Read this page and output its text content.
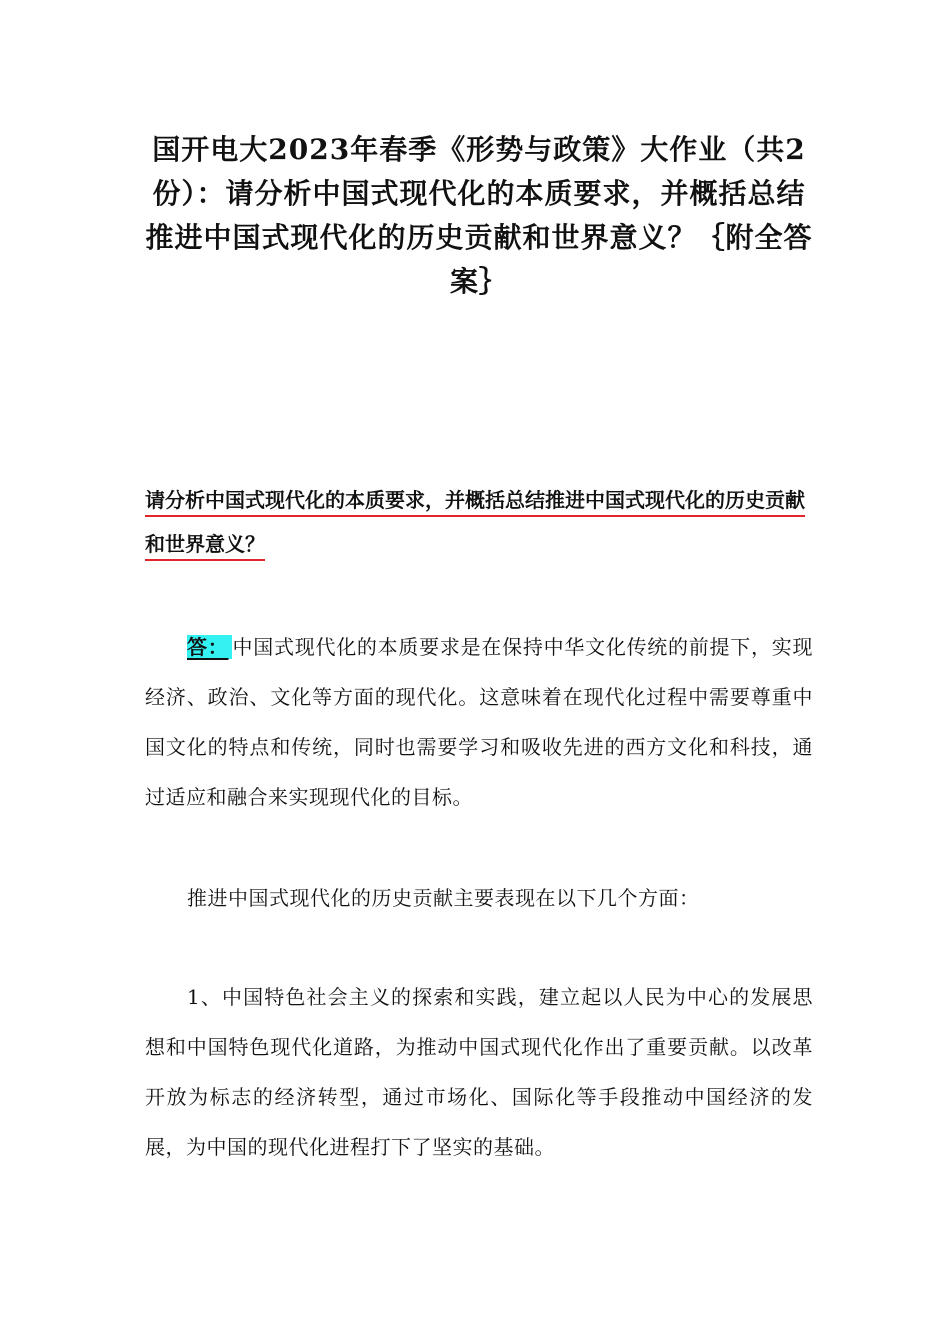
国开电大2023年春季《形势与政策》大作业（共2份）：请分析中国式现代化的本质要求，并概括总结推进中国式现代化的历史贡献和世界意义？｛附全答案｝

请分析中国式现代化的本质要求，并概括总结推进中国式现代化的历史贡献和世界意义？

答： 中国式现代化的本质要求是在保持中华文化传统的前提下，实现经济、政治、文化等方面的现代化。这意味着在现代化过程中需要尊重中国文化的特点和传统，同时也需要学习和吸收先进的西方文化和科技，通过适应和融合来实现现代化的目标。

推进中国式现代化的历史贡献主要表现在以下几个方面：

1、中国特色社会主义的探索和实践，建立起以人民为中心的发展思想和中国特色现代化道路，为推动中国式现代化作出了重要贡献。以改革开放为标志的经济转型，通过市场化、国际化等手段推动中国经济的发展，为中国的现代化进程打下了坚实的基础。
